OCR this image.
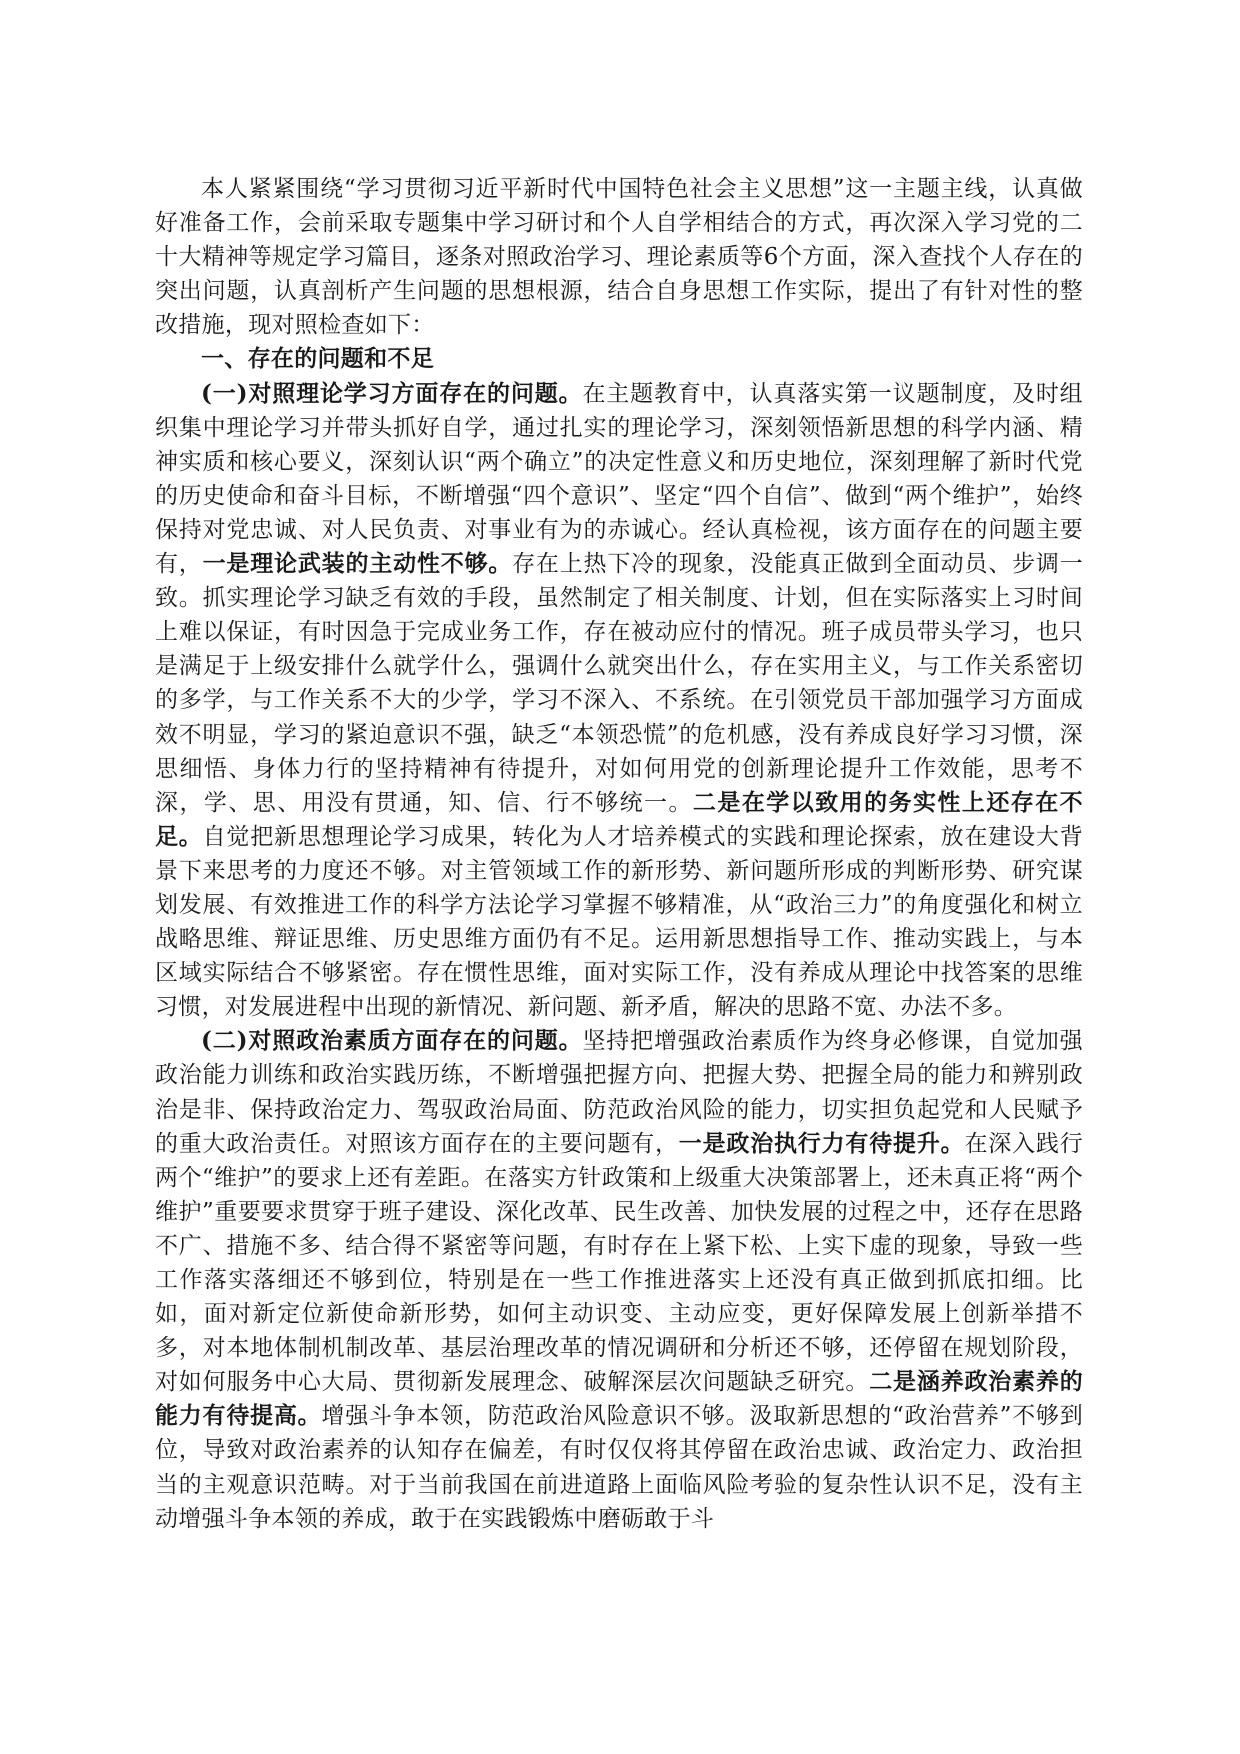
本人紧紧围绕“学习贯彻习近平新时代中国特色社会主义思想”这一主题主线，认真做好准备工作，会前采取专题集中学习研讨和个人自学相结合的方式，再次深入学习党的二十大精神等规定学习篇目，逐条对照政治学习、理论素质等6个方面，深入查找个人存在的突出问题，认真剖析产生问题的思想根源，结合自身思想工作实际，提出了有针对性的整改措施，现对照检查如下：

一、存在的问题和不足

(一)对照理论学习方面存在的问题。在主题教育中，认真落实第一议题制度，及时组织集中理论学习并带头抓好自学，通过扎实的理论学习，深刻领悟新思想的科学内涵、精神实质和核心要义，深刻认识“两个确立”的决定性意义和历史地位，深刻理解了新时代党的历史使命和奋斗目标，不断增强“四个意识”、坚定“四个自信”、做到“两个维护”，始终保持对党忠诚、对人民负责、对事业有为的赤诚心。经认真检视，该方面存在的问题主要有，一是理论武装的主动性不够。存在上热下冷的现象，没能真正做到全面动员、步调一致。抓实理论学习缺乏有效的手段，虽然制定了相关制度、计划，但在实际落实上习时间上难以保证，有时因急于完成业务工作，存在被动应付的情况。班子成员带头学习，也只是满足于上级安排什么就学什么，强调什么就突出什么，存在实用主义，与工作关系密切的多学，与工作关系不大的少学，学习不深入、不系统。在引领党员干部加强学习方面成效不明显，学习的紧迫意识不强，缺乏“本领恐慌”的危机感，没有养成良好学习习惯，深思细悟、身体力行的坚持精神有待提升，对如何用党的创新理论提升工作效能，思考不深，学、思、用没有贯通，知、信、行不够统一。二是在学以致用的务实性上还存在不足。自觉把新思想理论学习成果，转化为人才培养模式的实践和理论探索，放在建设大背景下来思考的力度还不够。对主管领域工作的新形势、新问题所形成的判断形势、研究谋划发展、有效推进工作的科学方法论学习掌握不够精准，从“政治三力”的角度强化和树立战略思维、辩证思维、历史思维方面仍有不足。运用新思想指导工作、推动实践上，与本区域实际结合不够紧密。存在惯性思维，面对实际工作，没有养成从理论中找答案的思维习惯，对发展进程中出现的新情况、新问题、新矛盾，解决的思路不宽、办法不多。

(二)对照政治素质方面存在的问题。坚持把增强政治素质作为终身必修课，自觉加强政治能力训练和政治实践历练，不断增强把握方向、把握大势、把握全局的能力和辨别政治是非、保持政治定力、驾驭政治局面、防范政治风险的能力，切实担负起党和人民赋予的重大政治责任。对照该方面存在的主要问题有，一是政治执行力有待提升。在深入践行两个“维护”的要求上还有差距。在落实方针政策和上级重大决策部署上，还未真正将“两个维护”重要要求贯穿于班子建设、深化改革、民生改善、加快发展的过程之中，还存在思路不广、措施不多、结合得不紧密等问题，有时存在上紧下松、上实下虚的现象，导致一些工作落实落细还不够到位，特别是在一些工作推进落实上还没有真正做到抓底扣细。比如，面对新定位新使命新形势，如何主动识变、主动应变，更好保障发展上创新举措不多，对本地体制机制改革、基层治理改革的情况调研和分析还不够，还停留在规划阶段，对如何服务中心大局、贯彻新发展理念、破解深层次问题缺乏研究。二是涵养政治素养的能力有待提高。增强斗争本领，防范政治风险意识不够。汲取新思想的“政治营养”不够到位，导致对政治素养的认知存在偏差，有时仅仅将其停留在政治忠诚、政治定力、政治担当的主观意识范畴。对于当前我国在前进道路上面临风险考验的复杂性认识不足，没有主动增强斗争本领的养成，敢于在实践锻炼中磨砺敢于斗
